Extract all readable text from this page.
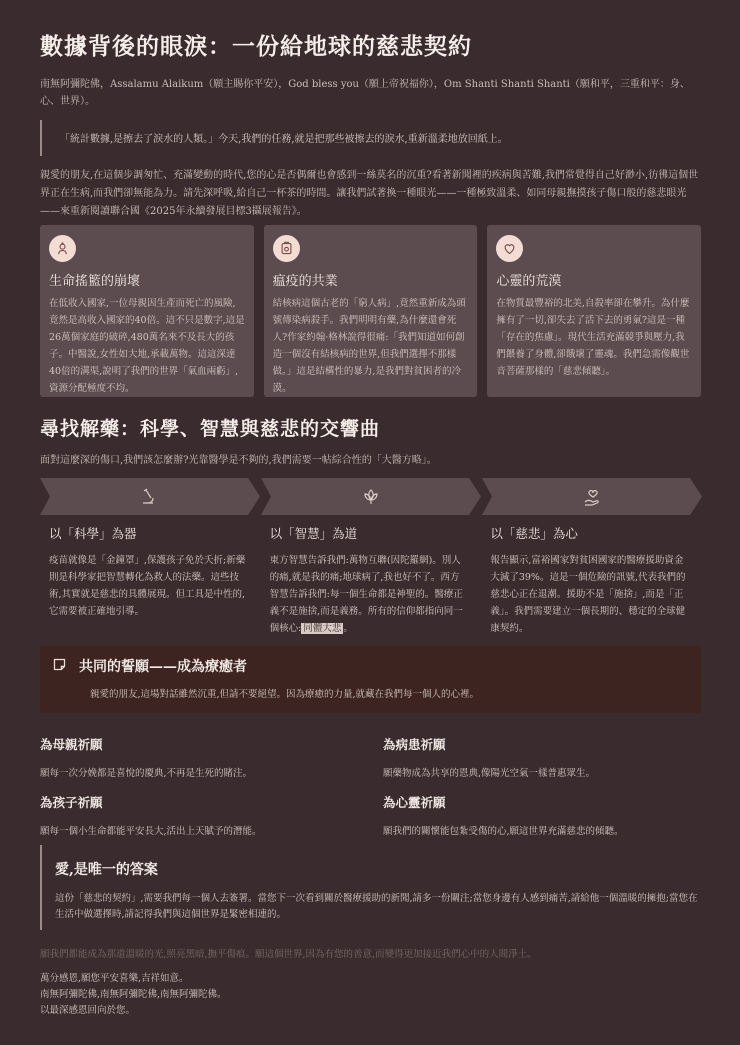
數據背後的眼淚：一份給地球的慈悲契約

南無阿彌陀佛，Assalamu Alaikum（願主賜你平安），God bless you（願上帝祝福你），Om Shanti Shanti Shanti（願和平，三重和平：身、心、世界）。

「統計數據,是擦去了淚水的人類。」今天,我們的任務,就是把那些被擦去的淚水,重新溫柔地放回紙上。

親愛的朋友,在這個步調匆忙、充滿變動的時代,您的心是否偶爾也會感到一絲莫名的沉重?看著新聞裡的疾病與苦難,我們常覺得自己好渺小,彷彿這個世界正在生病,而我們卻無能為力。請先深呼吸,給自己一杯茶的時間。讓我們試著換一種眼光——一種極致溫柔、如同母親撫摸孩子傷口般的慈悲眼光——來重新閱讀聯合國《2025年永續發展目標3攝展報告》。

生命搖籃的崩壞

在低收入國家,一位母親因生產而死亡的風險,竟然是高收入國家的40倍。這不只是數字,這是26萬個家庭的破碎,480萬名來不及長大的孩子。中醫說,女性如大地,承載萬物。這這深達40倍的溝渠,說明了我們的世界「氣血兩虧」,資源分配極度不均。

瘟疫的共業

結核病這個古老的「窮人病」,竟然重新成為頭號傳染病殺手。我們明明有藥,為什麼還會死人?作家約翰·格林說得很痛:「我們知道如何創造一個沒有結核病的世界,但我們選擇不那樣做。」這是結構性的暴力,是我們對貧困者的冷漠。

心靈的荒漠

在物質最豐裕的北美,自殺率卻在攀升。為什麼擁有了一切,卻失去了活下去的勇氣?這是一種「存在的焦慮」。現代生活充滿競爭與壓力,我們餵養了身體,卻餓壞了靈魂。我們急需像觀世音菩薩那樣的「慈悲傾聽」。

尋找解藥：科學、智慧與慈悲的交響曲
面對這麼深的傷口,我們該怎麼辦?光靠醫學是不夠的,我們需要一帖綜合性的「大醫方略」。
以「科學」為器

疫苗就像是「金鐘罩」,保護孩子免於夭折;新藥則是科學家把智慧轉化為救人的法藥。這些技術,其實就是慈悲的具體展現。但工具是中性的,它需要被正確地引導。

以「智慧」為道

東方智慧告訴我們:萬物互聯(因陀羅網)。別人的痛,就是我的痛;地球病了,我也好不了。西方智慧告訴我們:每一個生命都是神聖的。醫療正義不是施捨,而是義務。所有的信仰都指向同一個核心: 同體大悲 。

以「慈悲」為心

報告顯示,富裕國家對貧困國家的醫療援助資金大減了39%。這是一個危險的訊號,代表我們的慈悲心正在退潮。援助不是「施捨」,而是「正義」。我們需要建立一個長期的、穩定的全球健康契約。

共同的誓願——成為療癒者

親愛的朋友,這場對話雖然沉重,但請不要絕望。因為療癒的力量,就藏在我們每一個人的心裡。

為母親祈願

願每一次分娩都是喜悅的慶典,不再是生死的賭注。

為病患祈願

願藥物成為共享的恩典,像陽光空氣一樣普惠眾生。

為孩子祈願

願每一個小生命都能平安長大,活出上天賦予的潛能。

為心靈祈願

願我們的關懷能包紮受傷的心,願這世界充滿慈悲的傾聽。

愛,是唯一的答案

這份「慈悲的契約」,需要我們每一個人去簽署。當您下一次看到關於醫療援助的新聞,請多一份關注;當您身邊有人感到痛苦,請給他一個溫暖的擁抱;當您在生活中做選擇時,請記得我們與這個世界是緊密相連的。

願我們都能成為那道溫暖的光,照亮黑暗,撫平傷痕。願這個世界,因為有您的善意,而變得更加接近我們心中的人間淨土。
萬分感恩,願您平安喜樂,吉祥如意。
南無阿彌陀佛,南無阿彌陀佛,南無阿彌陀佛。
以最深感恩回向於您。
